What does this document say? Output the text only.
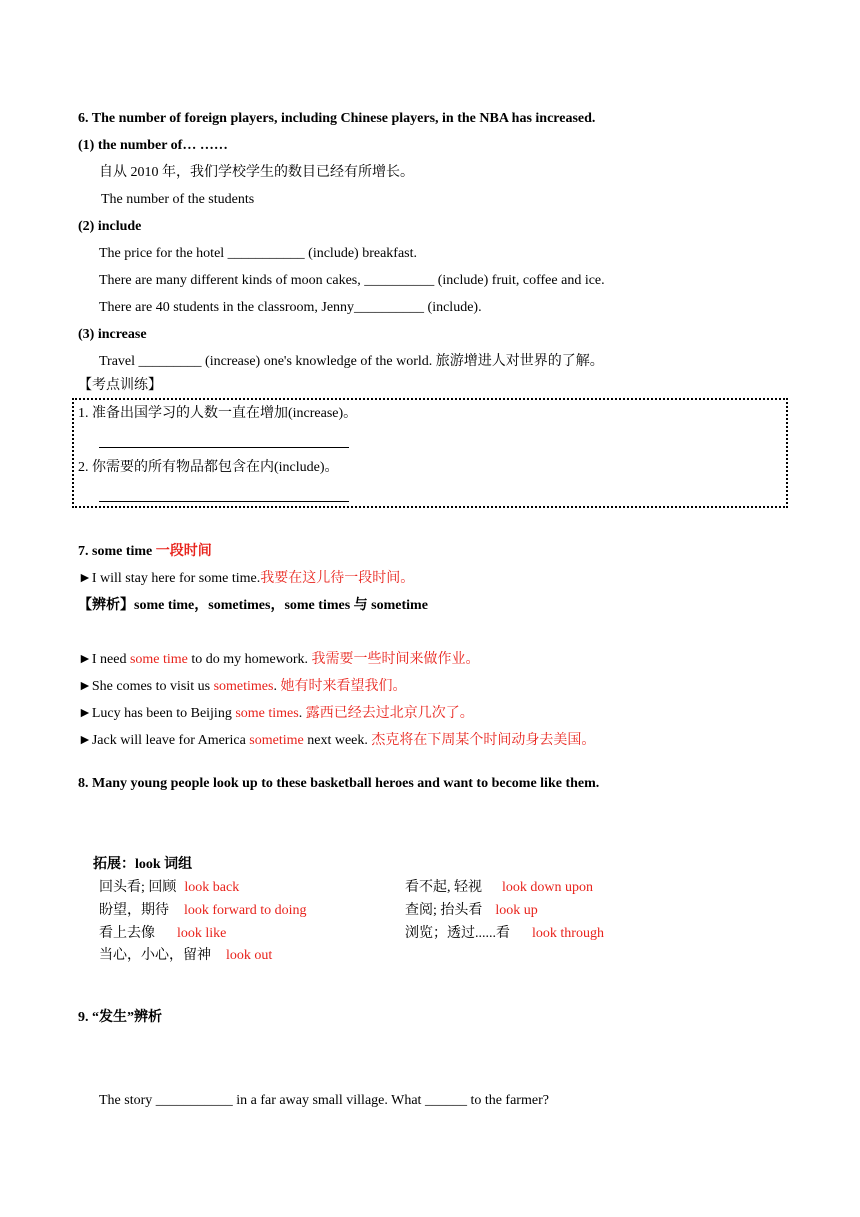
6. The number of foreign players, including Chinese players, in the NBA has increased.
(1) the number of… ……
自从 2010 年，我们学校学生的数目已经有所增长。
The number of the students
(2) include
The price for the hotel ___________ (include) breakfast.
There are many different kinds of moon cakes, __________ (include) fruit, coffee and ice.
There are 40 students in the classroom, Jenny__________ (include).
(3) increase
Travel _________ (increase) one's knowledge of the world. 旅游增进人对世界的了解。
【考点训练】
1. 准备出国学习的人数一直在增加(increase)。
2. 你需要的所有物品都包含在内(include)。
7. some time 一段时间
►I will stay here for some time.我要在这儿待一段时间。
【辨析】some time，sometimes，some times 与 sometime
►I need some time to do my homework. 我需要一些时间来做作业。
►She comes to visit us sometimes. 她有时来看望我们。
►Lucy has been to Beijing some times. 露西已经去过北京几次了。
►Jack will leave for America sometime next week. 杰克将在下周某个时间动身去美国。
8. Many young people look up to these basketball heroes and want to become like them.
拓展：look 词组
回头看; 回顾 look back	看不起, 轻视 look down upon
盼望，期待 look forward to doing	查阅; 抬头看 look up
看上去像 look like	浏览；透过......看 look through
当心，小心，留神 look out
9. “发生”辨析
The story ___________ in a far away small village. What ______ to the farmer?
